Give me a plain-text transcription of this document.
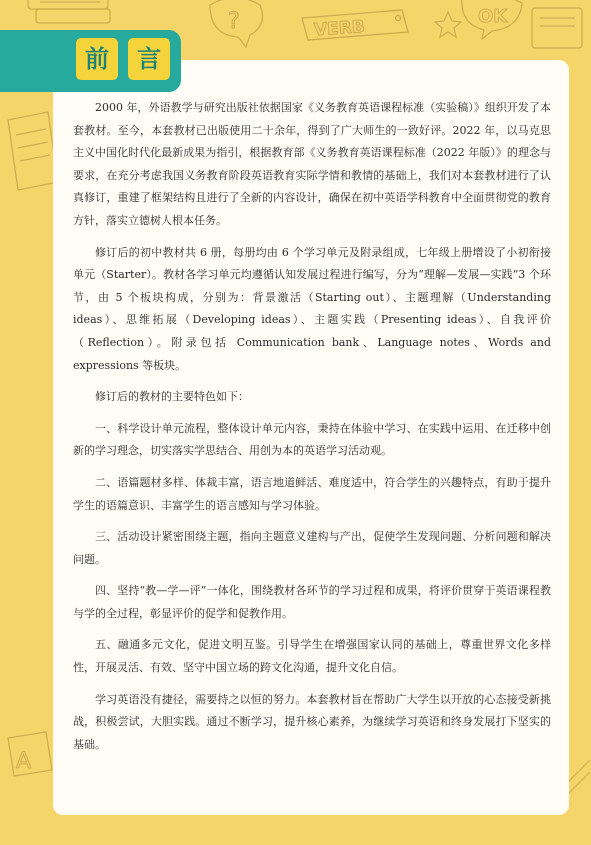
?	VERB
OK
A
前 言

2000 年，外语教学与研究出版社依据国家《义务教育英语课程标准（实验稿）》组织开发了本套教材。至今，本套教材已出版使用二十余年，得到了广大师生的一致好评。2022 年，以马克思主义中国化时代化最新成果为指引，根据教育部《义务教育英语课程标准（2022 年版）》的理念与要求，在充分考虑我国义务教育阶段英语教育实际学情和教情的基础上，我们对本套教材进行了认真修订，重建了框架结构且进行了全新的内容设计，确保在初中英语学科教育中全面贯彻党的教育方针，落实立德树人根本任务。

修订后的初中教材共 6 册，每册均由 6 个学习单元及附录组成，七年级上册增设了小初衔接单元（Starter）。教材各学习单元均遵循认知发展过程进行编写，分为“理解—发展—实践”3 个环节，由 5 个板块构成，分别为：背景激活（Starting out）、主题理解（Understanding ideas）、思维拓展（Developing ideas）、主题实践（Presenting ideas）、自我评价（Reflection）。附录包括 Communication bank、Language notes、Words and expressions 等板块。

修订后的教材的主要特色如下：

一、科学设计单元流程，整体设计单元内容，秉持在体验中学习、在实践中运用、在迁移中创新的学习理念，切实落实学思结合、用创为本的英语学习活动观。

二、语篇题材多样、体裁丰富，语言地道鲜活、难度适中，符合学生的兴趣特点，有助于提升学生的语篇意识、丰富学生的语言感知与学习体验。

三、活动设计紧密围绕主题，指向主题意义建构与产出，促使学生发现问题、分析问题和解决问题。

四、坚持“教—学—评”一体化，围绕教材各环节的学习过程和成果，将评价贯穿于英语课程教与学的全过程，彰显评价的促学和促教作用。

五、融通多元文化，促进文明互鉴。引导学生在增强国家认同的基础上，尊重世界文化多样性，开展灵活、有效、坚守中国立场的跨文化沟通，提升文化自信。

学习英语没有捷径，需要持之以恒的努力。本套教材旨在帮助广大学生以开放的心态接受新挑战，积极尝试，大胆实践。通过不断学习，提升核心素养，为继续学习英语和终身发展打下坚实的基础。
